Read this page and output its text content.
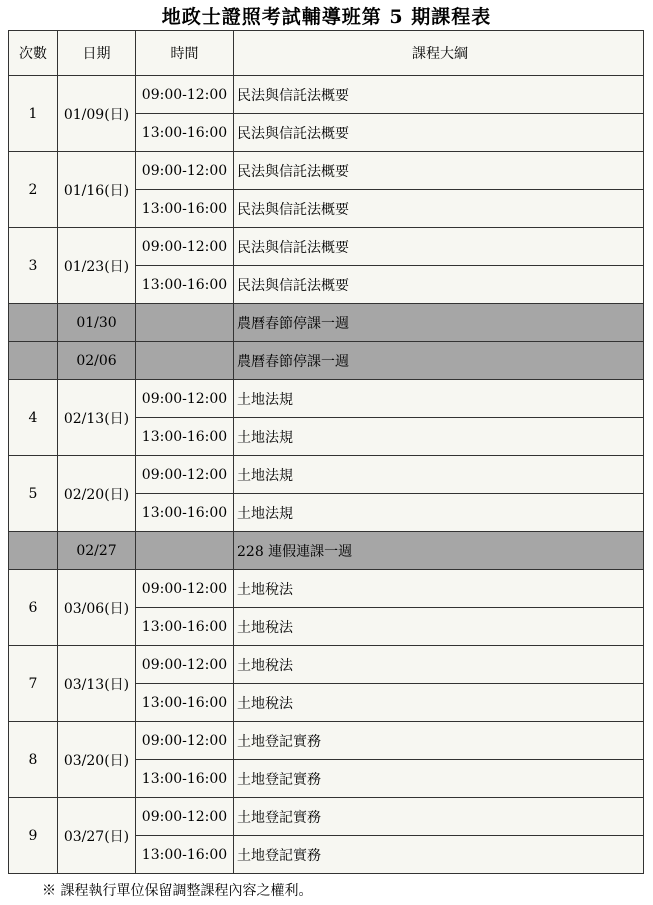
地政士證照考試輔導班第 5 期課程表
次數	日期	時間	課程大綱
1	01/09(日)	09:00-12:00	民法與信託法概要
		13:00-16:00	民法與信託法概要
2	01/16(日)	09:00-12:00	民法與信託法概要
		13:00-16:00	民法與信託法概要
3	01/23(日)	09:00-12:00	民法與信託法概要
		13:00-16:00	民法與信託法概要
	01/30		農曆春節停課一週
	02/06		農曆春節停課一週
4	02/13(日)	09:00-12:00	土地法規
		13:00-16:00	土地法規
5	02/20(日)	09:00-12:00	土地法規
		13:00-16:00	土地法規
	02/27		228 連假連課一週
6	03/06(日)	09:00-12:00	土地稅法
		13:00-16:00	土地稅法
7	03/13(日)	09:00-12:00	土地稅法
		13:00-16:00	土地稅法
8	03/20(日)	09:00-12:00	土地登記實務
		13:00-16:00	土地登記實務
9	03/27(日)	09:00-12:00	土地登記實務
		13:00-16:00	土地登記實務
※ 課程執行單位保留調整課程內容之權利。
